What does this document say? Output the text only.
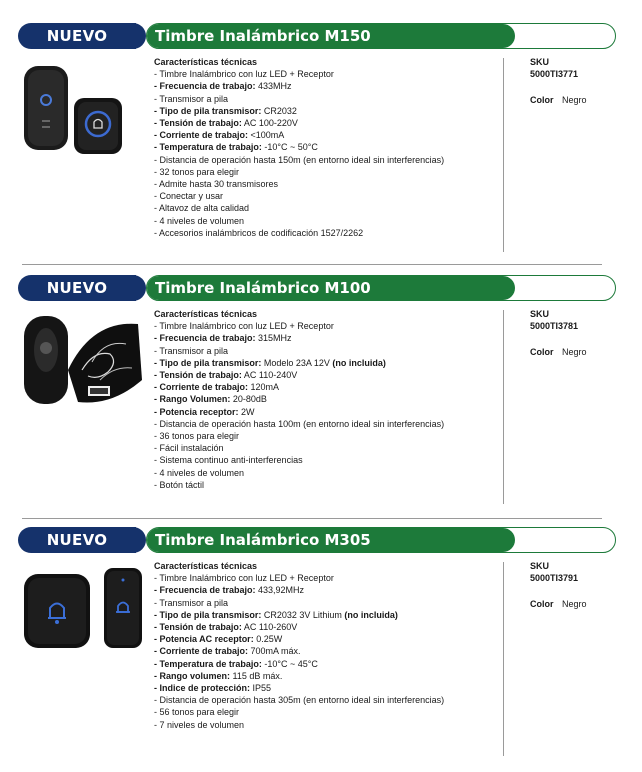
NUEVO	Timbre Inalámbrico M150
Características técnicas
- Timbre Inalámbrico con luz LED + Receptor
- Frecuencia de trabajo: 433MHz
- Transmisor a pila
- Tipo de pila transmisor: CR2032
- Tensión de trabajo: AC 100-220V
- Corriente de trabajo: <100mA
- Temperatura de trabajo: -10°C ~ 50°C
- Distancia de operación hasta 150m (en entorno ideal sin interferencias)
- 32 tonos para elegir
- Admite hasta 30 transmisores
- Conectar y usar
- Altavoz de alta calidad
- 4 niveles de volumen
- Accesorios inalámbricos de codificación 1527/2262
SKU
5000TI3771
Color Negro
NUEVO	Timbre Inalámbrico M100
Características técnicas
- Timbre Inalámbrico con luz LED + Receptor
- Frecuencia de trabajo: 315MHz
- Transmisor a pila
- Tipo de pila transmisor: Modelo 23A 12V (no incluida)
- Tensión de trabajo: AC 110-240V
- Corriente de trabajo: 120mA
- Rango Volumen: 20-80dB
- Potencia receptor: 2W
- Distancia de operación hasta 100m (en entorno ideal sin interferencias)
- 36 tonos para elegir
- Fácil instalación
- Sistema continuo anti-interferencias
- 4 niveles de volumen
- Botón táctil
SKU
5000TI3781
Color Negro
NUEVO	Timbre Inalámbrico M305
Características técnicas
- Timbre Inalámbrico con luz LED + Receptor
- Frecuencia de trabajo: 433,92MHz
- Transmisor a pila
- Tipo de pila transmisor: CR2032 3V Lithium (no incluida)
- Tensión de trabajo: AC 110-260V
- Potencia AC receptor: 0.25W
- Corriente de trabajo: 700mA máx.
- Temperatura de trabajo: -10°C ~ 45°C
- Rango volumen: 115 dB máx.
- Indice de protección: IP55
- Distancia de operación hasta 305m (en entorno ideal sin interferencias)
- 56 tonos para elegir
- 7 niveles de volumen
SKU
5000TI3791
Color Negro
